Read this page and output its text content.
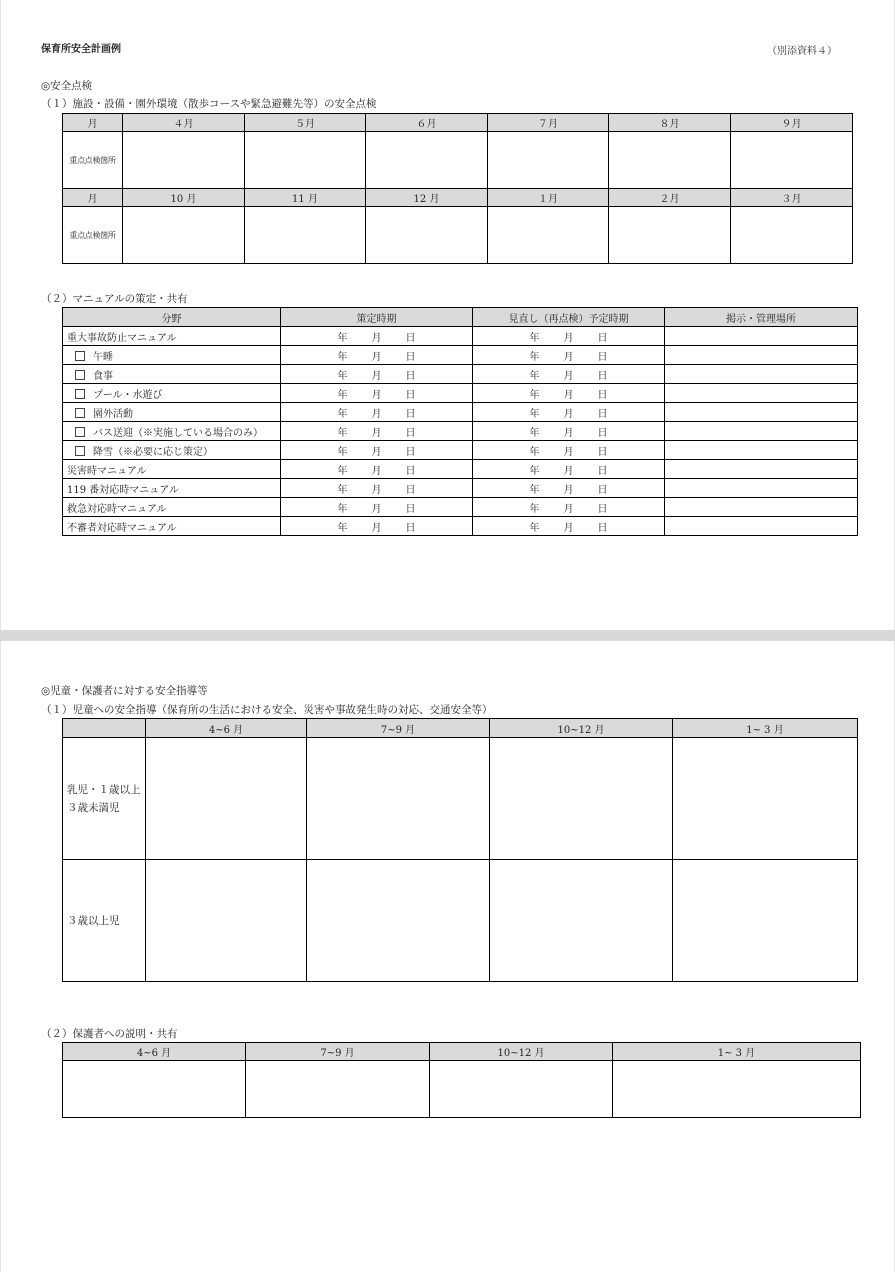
保育所安全計画例	（別添資料４）
◎安全点検
（１）施設・設備・園外環境（散歩コースや緊急避難先等）の安全点検
月	４月	５月	６月	７月	８月	９月
重点点検箇所						
月	10 月	11 月	12 月	１月	２月	３月
重点点検箇所						
（２）マニュアルの策定・共有
分野	策定時期	見直し（再点検）予定時期	掲示・管理場所
重大事故防止マニュアル	年 月 日	年 月 日	
午睡	年 月 日	年 月 日	
食事	年 月 日	年 月 日	
プール・水遊び	年 月 日	年 月 日	
園外活動	年 月 日	年 月 日	
バス送迎（※実施している場合のみ）	年 月 日	年 月 日	
降雪（※必要に応じ策定）	年 月 日	年 月 日	
災害時マニュアル	年 月 日	年 月 日	
119 番対応時マニュアル	年 月 日	年 月 日	
救急対応時マニュアル	年 月 日	年 月 日	
不審者対応時マニュアル	年 月 日	年 月 日	
◎児童・保護者に対する安全指導等
（１）児童への安全指導（保育所の生活における安全、災害や事故発生時の対応、交通安全等）
	4~6 月	7~9 月	10~12 月	1~ 3 月
乳児・１歳以上３歳未満児				
３歳以上児				
（２）保護者への説明・共有
4~6 月	7~9 月	10~12 月	1~ 3 月
